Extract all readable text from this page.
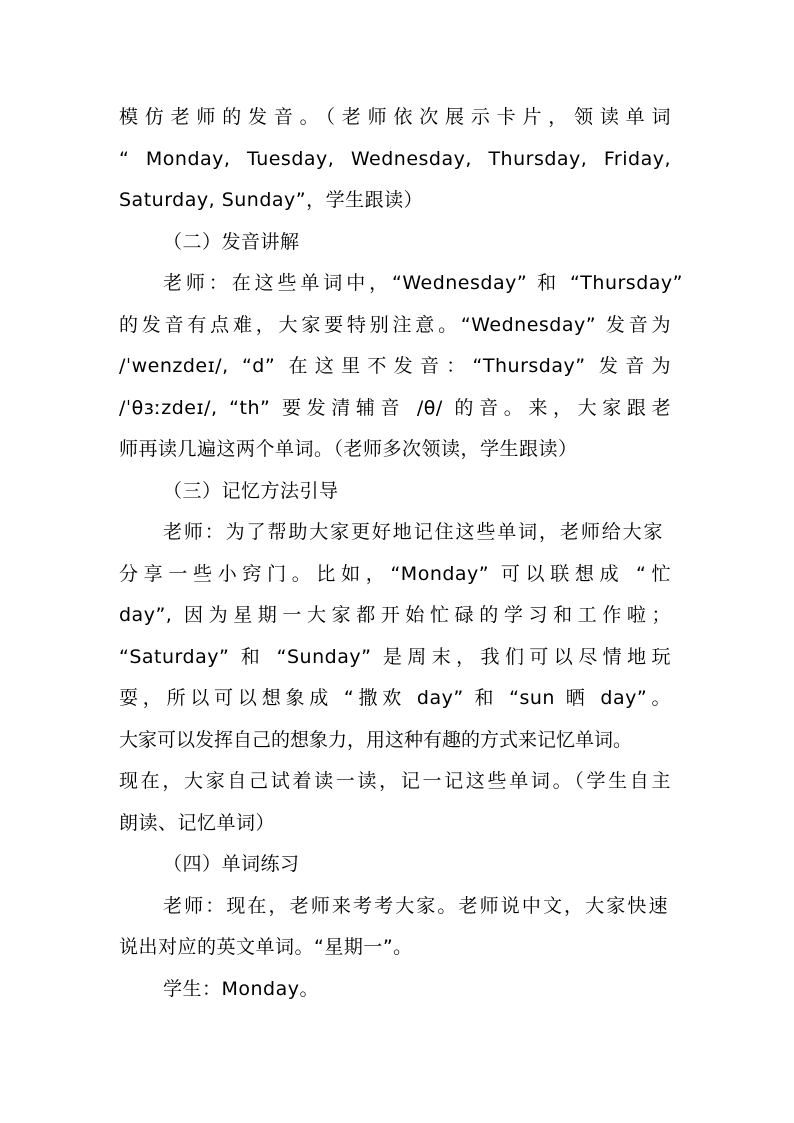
模仿老师的发音。（老师依次展示卡片，领读单词
“ Monday, Tuesday, Wednesday, Thursday, Friday,
Saturday, Sunday”，学生跟读）
（二）发音讲解
老师：在这些单词中，“Wednesday” 和 “Thursday”
的发音有点难，大家要特别注意。“Wednesday” 发音为
/ˈwenzdeɪ/, “d” 在这里不发音：“Thursday” 发音为
/ˈθɜːzdeɪ/, “th” 要发清辅音 /θ/ 的音。来，大家跟老
师再读几遍这两个单词。（老师多次领读，学生跟读）
（三）记忆方法引导
老师：为了帮助大家更好地记住这些单词，老师给大家
分享一些小窍门。比如，“Monday” 可以联想成 “忙
day”, 因为星期一大家都开始忙碌的学习和工作啦；
“Saturday” 和 “Sunday” 是周末，我们可以尽情地玩
耍，所以可以想象成 “撒欢 day” 和 “sun 晒 day”。
大家可以发挥自己的想象力，用这种有趣的方式来记忆单词。
现在，大家自己试着读一读，记一记这些单词。（学生自主
朗读、记忆单词）
（四）单词练习
老师：现在，老师来考考大家。老师说中文，大家快速
说出对应的英文单词。“星期一”。
学生：Monday。
